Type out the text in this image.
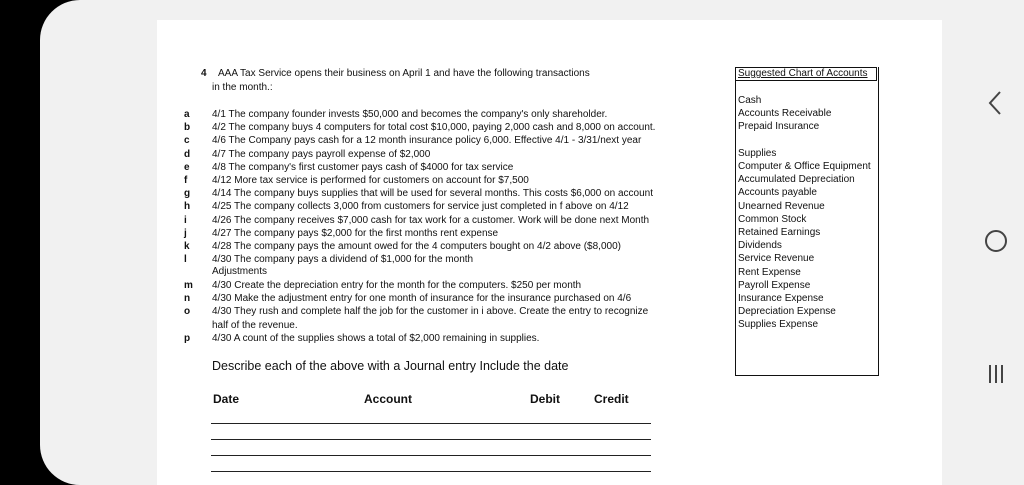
4 AAA Tax Service opens their business on April 1 and have the following transactions
in the month.:
a 4/1 The company founder invests $50,000 and becomes the company's only shareholder.
b 4/2 The company buys 4 computers for total cost $10,000, paying 2,000 cash and 8,000 on account.
c 4/6 The Company pays cash for a 12 month insurance policy 6,000. Effective 4/1 - 3/31/next year
d 4/7 The company pays payroll expense of $2,000
e 4/8 The company's first customer pays cash of $4000 for tax service
f 4/12 More tax service is performed for customers on account for $7,500
g 4/14 The company buys supplies that will be used for several months. This costs $6,000 on account
h 4/25 The company collects 3,000 from customers for service just completed in f above on 4/12
i	4/26 The company receives $7,000 cash for tax work for a customer. Work will be done next Month
j	4/27 The company pays $2,000 for the first months rent expense
k 4/28 The company pays the amount owed for the 4 computers bought on 4/2 above ($8,000)
l	4/30 The company pays a dividend of $1,000 for the month
Adjustments
m 4/30 Create the depreciation entry for the month for the computers. $250 per month
n 4/30 Make the adjustment entry for one month of insurance for the insurance purchased on 4/6
o 4/30 They rush and complete half the job for the customer in i above. Create the entry to recognize
half of the revenue.
p 4/30 A count of the supplies shows a total of $2,000 remaining in supplies.
Describe each of the above with a Journal entry Include the date
Date	Account	Debit	Credit
Suggested Chart of Accounts
Cash
Accounts Receivable
Prepaid Insurance
Supplies
Computer & Office Equipment
Accumulated Depreciation
Accounts payable
Unearned Revenue
Common Stock
Retained Earnings
Dividends
Service Revenue
Rent Expense
Payroll Expense
Insurance Expense
Depreciation Expense
Supplies Expense
